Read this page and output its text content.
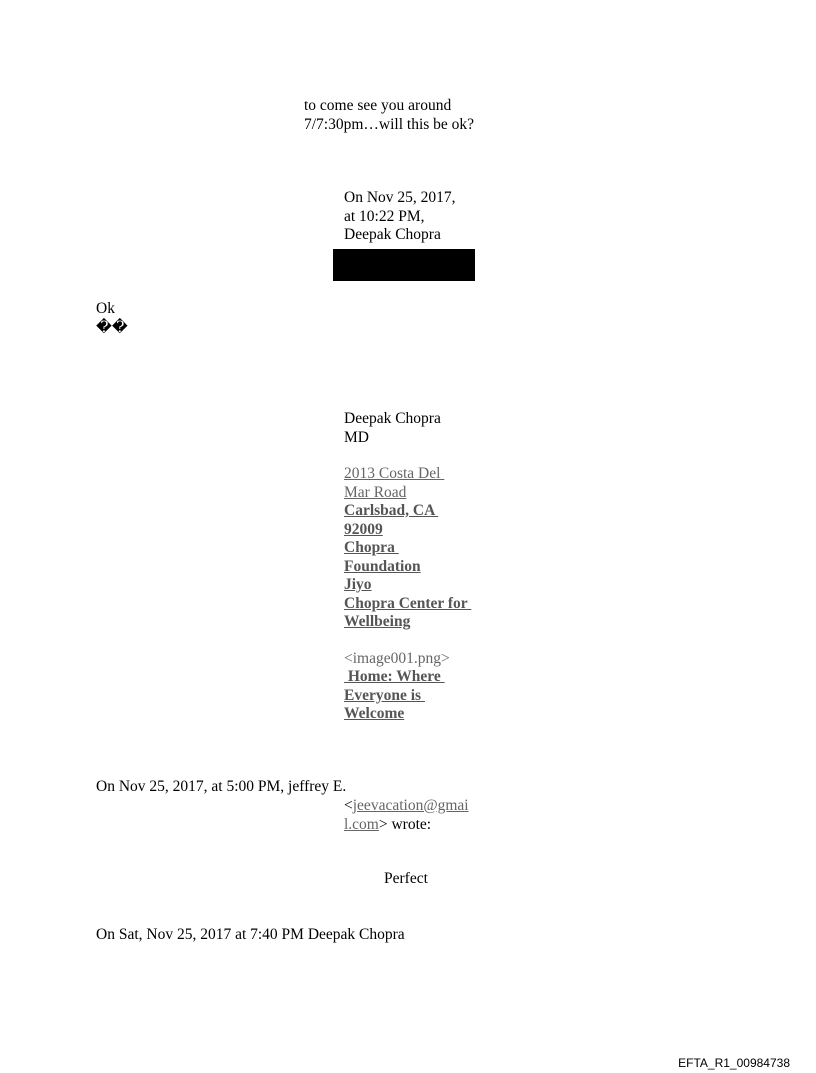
to come see you around
7/7:30pm…will this be ok?
On Nov 25, 2017,
at 10:22 PM,
Deepak Chopra
Ok
��
Deepak Chopra
MD
2013 Costa Del
Mar Road
Carlsbad, CA
92009
Chopra
Foundation
Jiyo
Chopra Center for
Wellbeing
<image001.png>
Home: Where
Everyone is
Welcome
On Nov 25, 2017, at 5:00 PM, jeffrey E.
<jeevacation@gmai
l.com> wrote:
Perfect
On Sat, Nov 25, 2017 at 7:40 PM Deepak Chopra
EFTA_R1_00984738
